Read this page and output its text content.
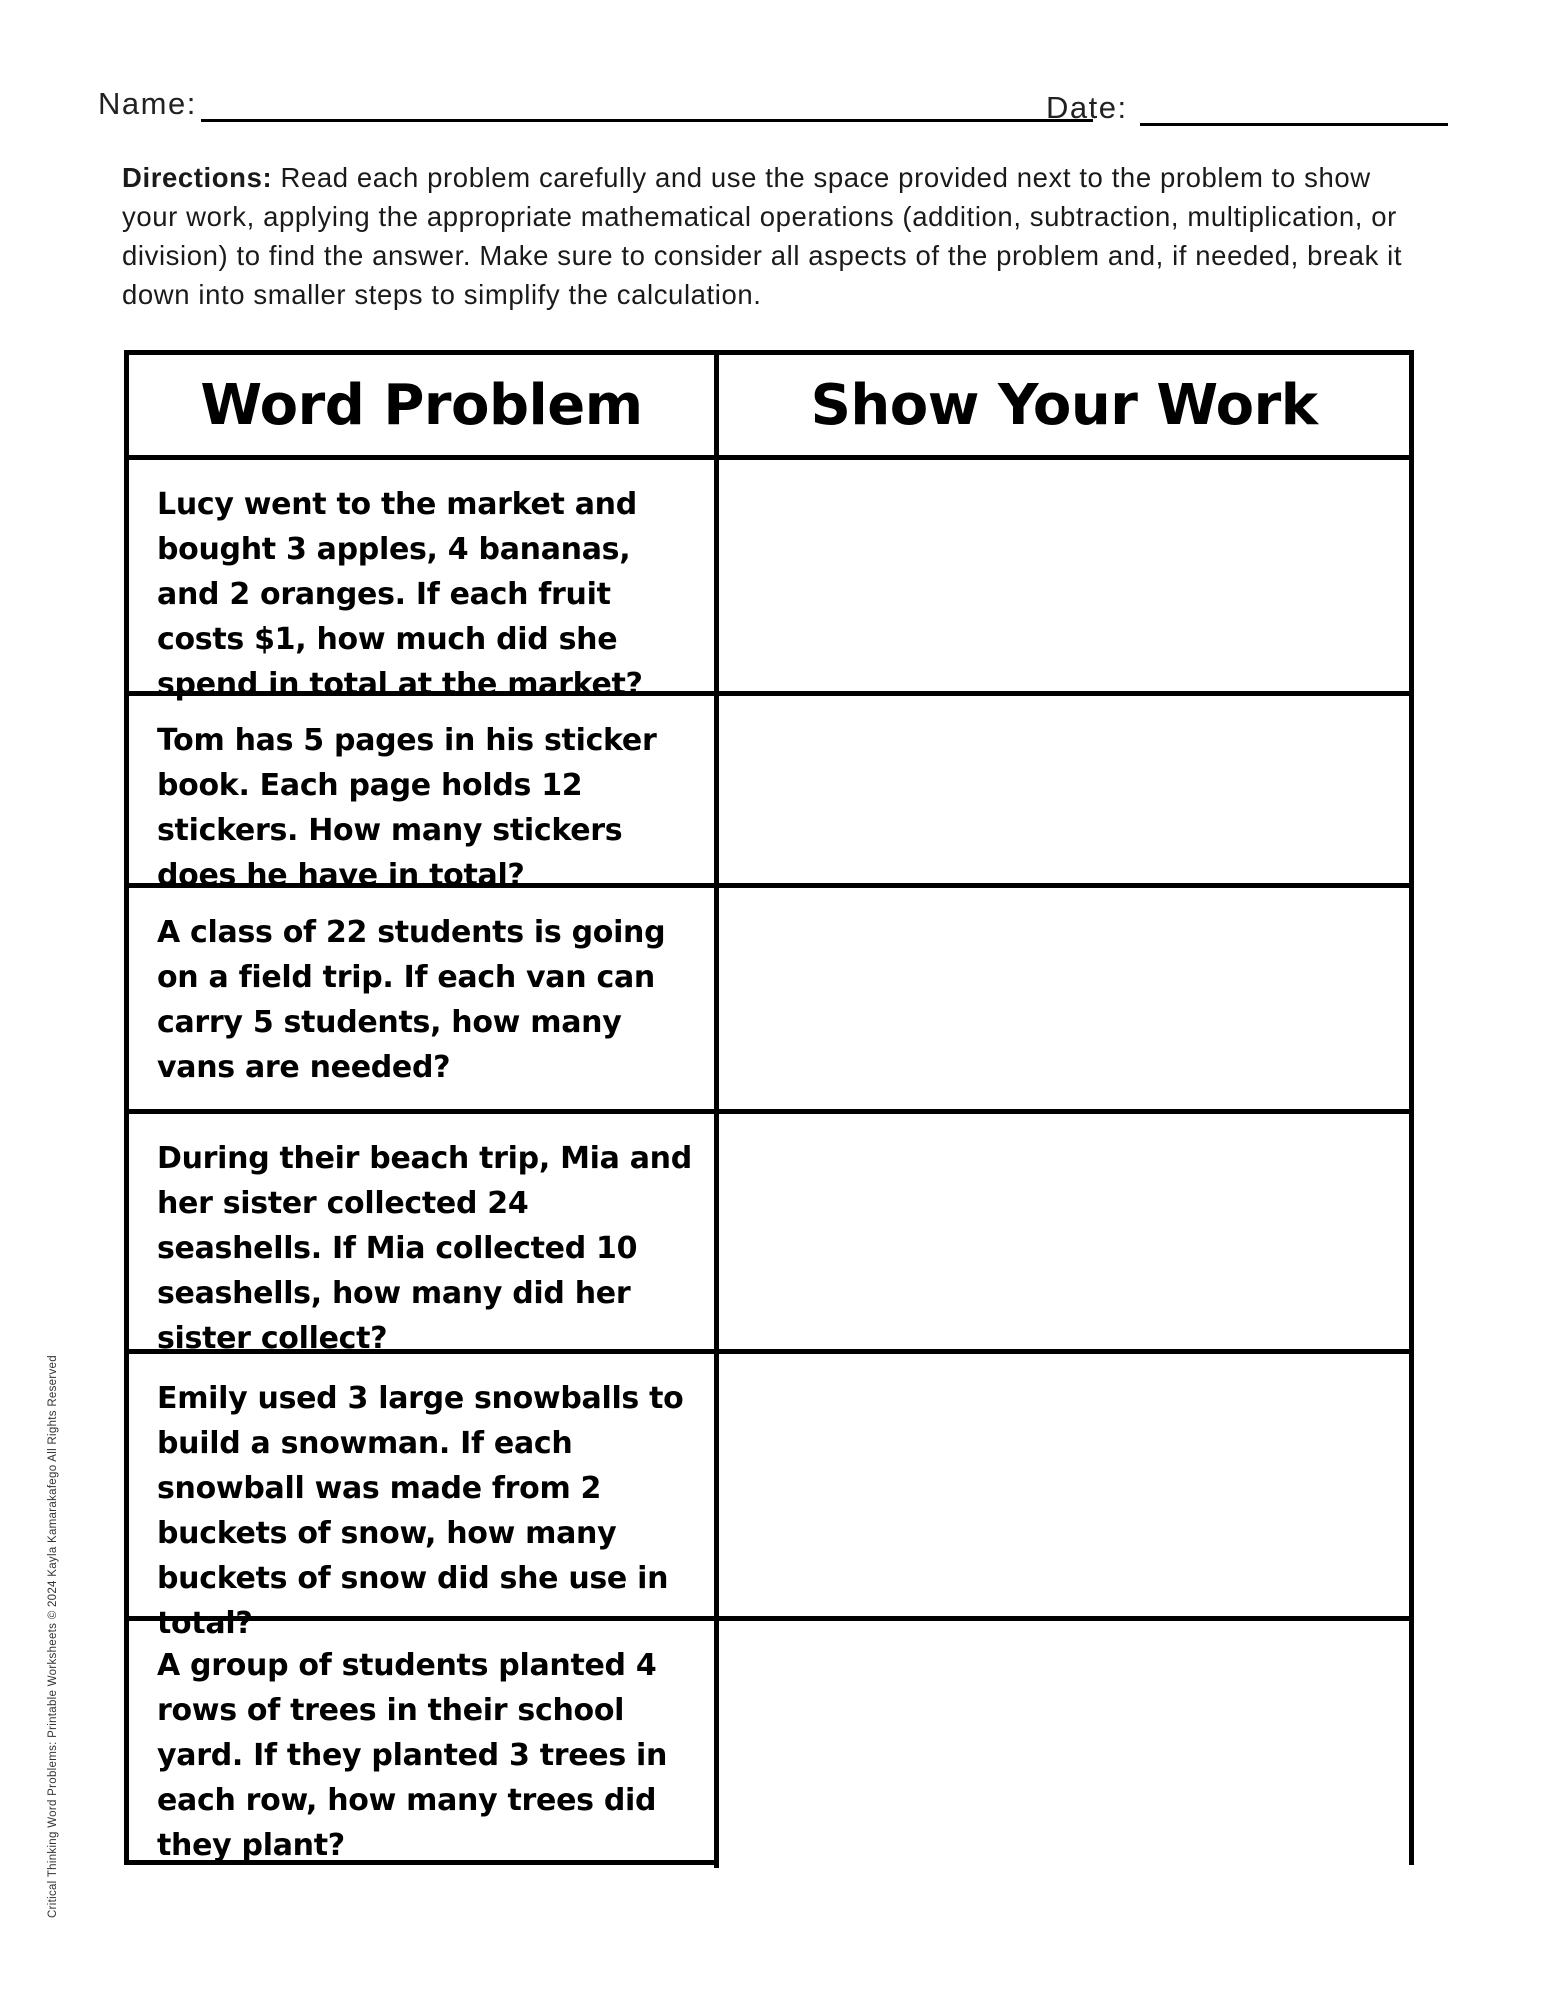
Name:	Date:

Directions: Read each problem carefully and use the space provided next to the problem to show your work, applying the appropriate mathematical operations (addition, subtraction, multiplication, or division) to find the answer. Make sure to consider all aspects of the problem and, if needed, break it down into smaller steps to simplify the calculation.

Word Problem	Show Your Work
Lucy went to the market and bought 3 apples, 4 bananas, and 2 oranges. If each fruit costs $1, how much did she spend in total at the market?
Tom has 5 pages in his sticker book. Each page holds 12 stickers. How many stickers does he have in total?
A class of 22 students is going on a field trip. If each van can carry 5 students, how many vans are needed?
During their beach trip, Mia and her sister collected 24 seashells. If Mia collected 10 seashells, how many did her sister collect?
Emily used 3 large snowballs to build a snowman. If each snowball was made from 2 buckets of snow, how many buckets of snow did she use in total?
A group of students planted 4 rows of trees in their school yard. If they planted 3 trees in each row, how many trees did they plant?
Critical Thinking Word Problems: Printable Worksheets © 2024 Kayla Kamarakafego All Rights Reserved
